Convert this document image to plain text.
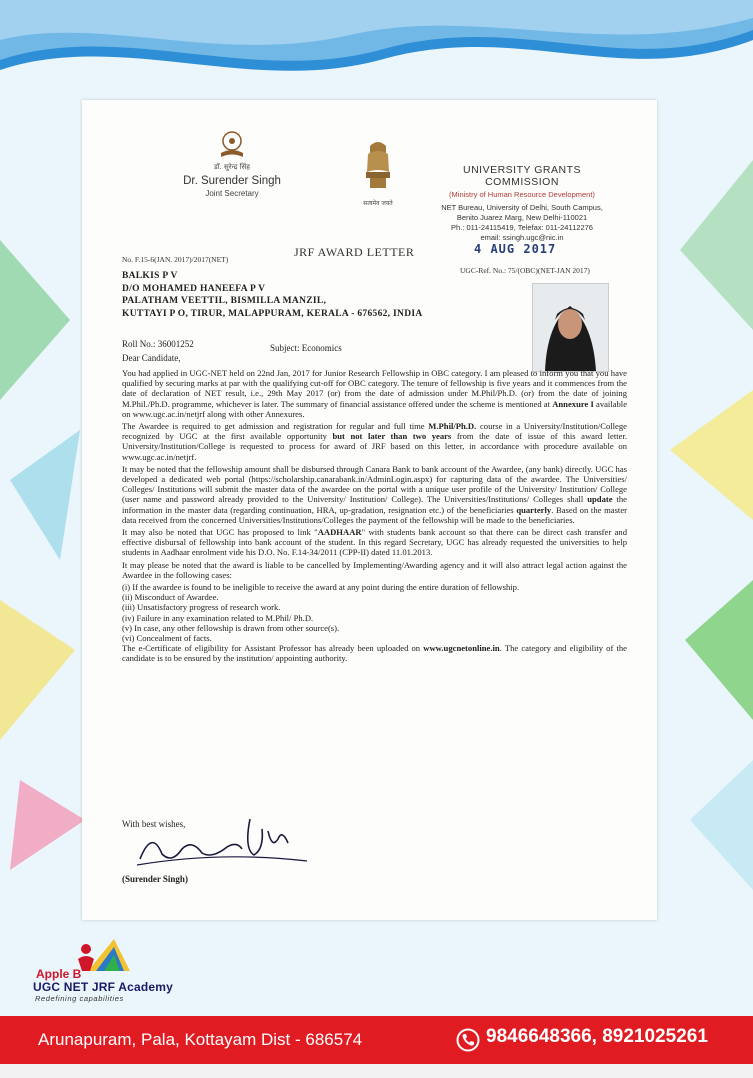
डॉ. सुरेन्द्र सिंह
Dr. Surender Singh
Joint Secretary
सत्यमेव जयते
UNIVERSITY GRANTS COMMISSION
(Ministry of Human Resource Development)
NET Bureau, University of Delhi, South Campus,
Benito Juarez Marg, New Delhi-110021
Ph.: 011-24115419, Telefax: 011-24112276
email: ssingh.ugc@nic.in
JRF AWARD LETTER	4 AUG 2017
No. F.15-6(JAN. 2017)/2017(NET)
UGC-Ref. No.: 75/(OBC)(NET-JAN 2017)
BALKIS P V
D/O MOHAMED HANEEFA P V
PALATHAM VEETTIL, BISMILLA MANZIL,
KUTTAYI P O, TIRUR, MALAPPURAM, KERALA - 676562, INDIA
Roll No.: 36001252	Subject: Economics
Dear Candidate,

You had applied in UGC-NET held on 22nd Jan, 2017 for Junior Research Fellowship in OBC category. I am pleased to inform you that you have qualified by securing marks at par with the qualifying cut-off for OBC category. The tenure of fellowship is five years and it commences from the date of declaration of NET result, i.e., 29th May 2017 (or) from the date of admission under M.Phil/Ph.D. (or) from the date of joining M.Phil./Ph.D. programme, whichever is later. The summary of financial assistance offered under the scheme is mentioned at Annexure I available on www.ugc.ac.in/netjrf along with other Annexures.

The Awardee is required to get admission and registration for regular and full time M.Phil/Ph.D. course in a University/Institution/College recognized by UGC at the first available opportunity but not later than two years from the date of issue of this award letter. University/Institution/College is requested to process for award of JRF based on this letter, in accordance with procedure available on www.ugc.ac.in/netjrf.

It may be noted that the fellowship amount shall be disbursed through Canara Bank to bank account of the Awardee, (any bank) directly. UGC has developed a dedicated web portal (https://scholarship.canarabank.in/AdminLogin.aspx) for capturing data of the awardee. The Universities/ Colleges/ Institutions will submit the master data of the awardee on the portal with a unique user profile of the University/ Institution/ College (user name and password already provided to the University/ Institution/ College). The Universities/Institutions/ Colleges shall update the information in the master data (regarding continuation, HRA, up-gradation, resignation etc.) of the beneficiaries quarterly. Based on the master data received from the concerned Universities/Institutions/Colleges the payment of the fellowship will be made to the beneficiaries.

It may also be noted that UGC has proposed to link "AADHAAR" with students bank account so that there can be direct cash transfer and effective disbursal of fellowship into bank account of the student. In this regard Secretary, UGC has already requested the universities to help students in Aadhaar enrolment vide his D.O. No. F.14-34/2011 (CPP-II) dated 11.01.2013.

It may please be noted that the award is liable to be cancelled by Implementing/Awarding agency and it will also attract legal action against the Awardee in the following cases:

(i) If the awardee is found to be ineligible to receive the award at any point during the entire duration of fellowship.
(ii) Misconduct of Awardee.
(iii) Unsatisfactory progress of research work.
(iv) Failure in any examination related to M.Phil/ Ph.D.
(v) In case, any other fellowship is drawn from other source(s).
(vi) Concealment of facts.

The e-Certificate of eligibility for Assistant Professor has already been uploaded on www.ugcnetonline.in. The category and eligibility of the candidate is to be ensured by the institution/ appointing authority.

With best wishes,
(Surender Singh)
Apple B
UGC NET JRF Academy
Redefining capabilities
Arunapuram, Pala, Kottayam Dist - 686574	9846648366, 8921025261
